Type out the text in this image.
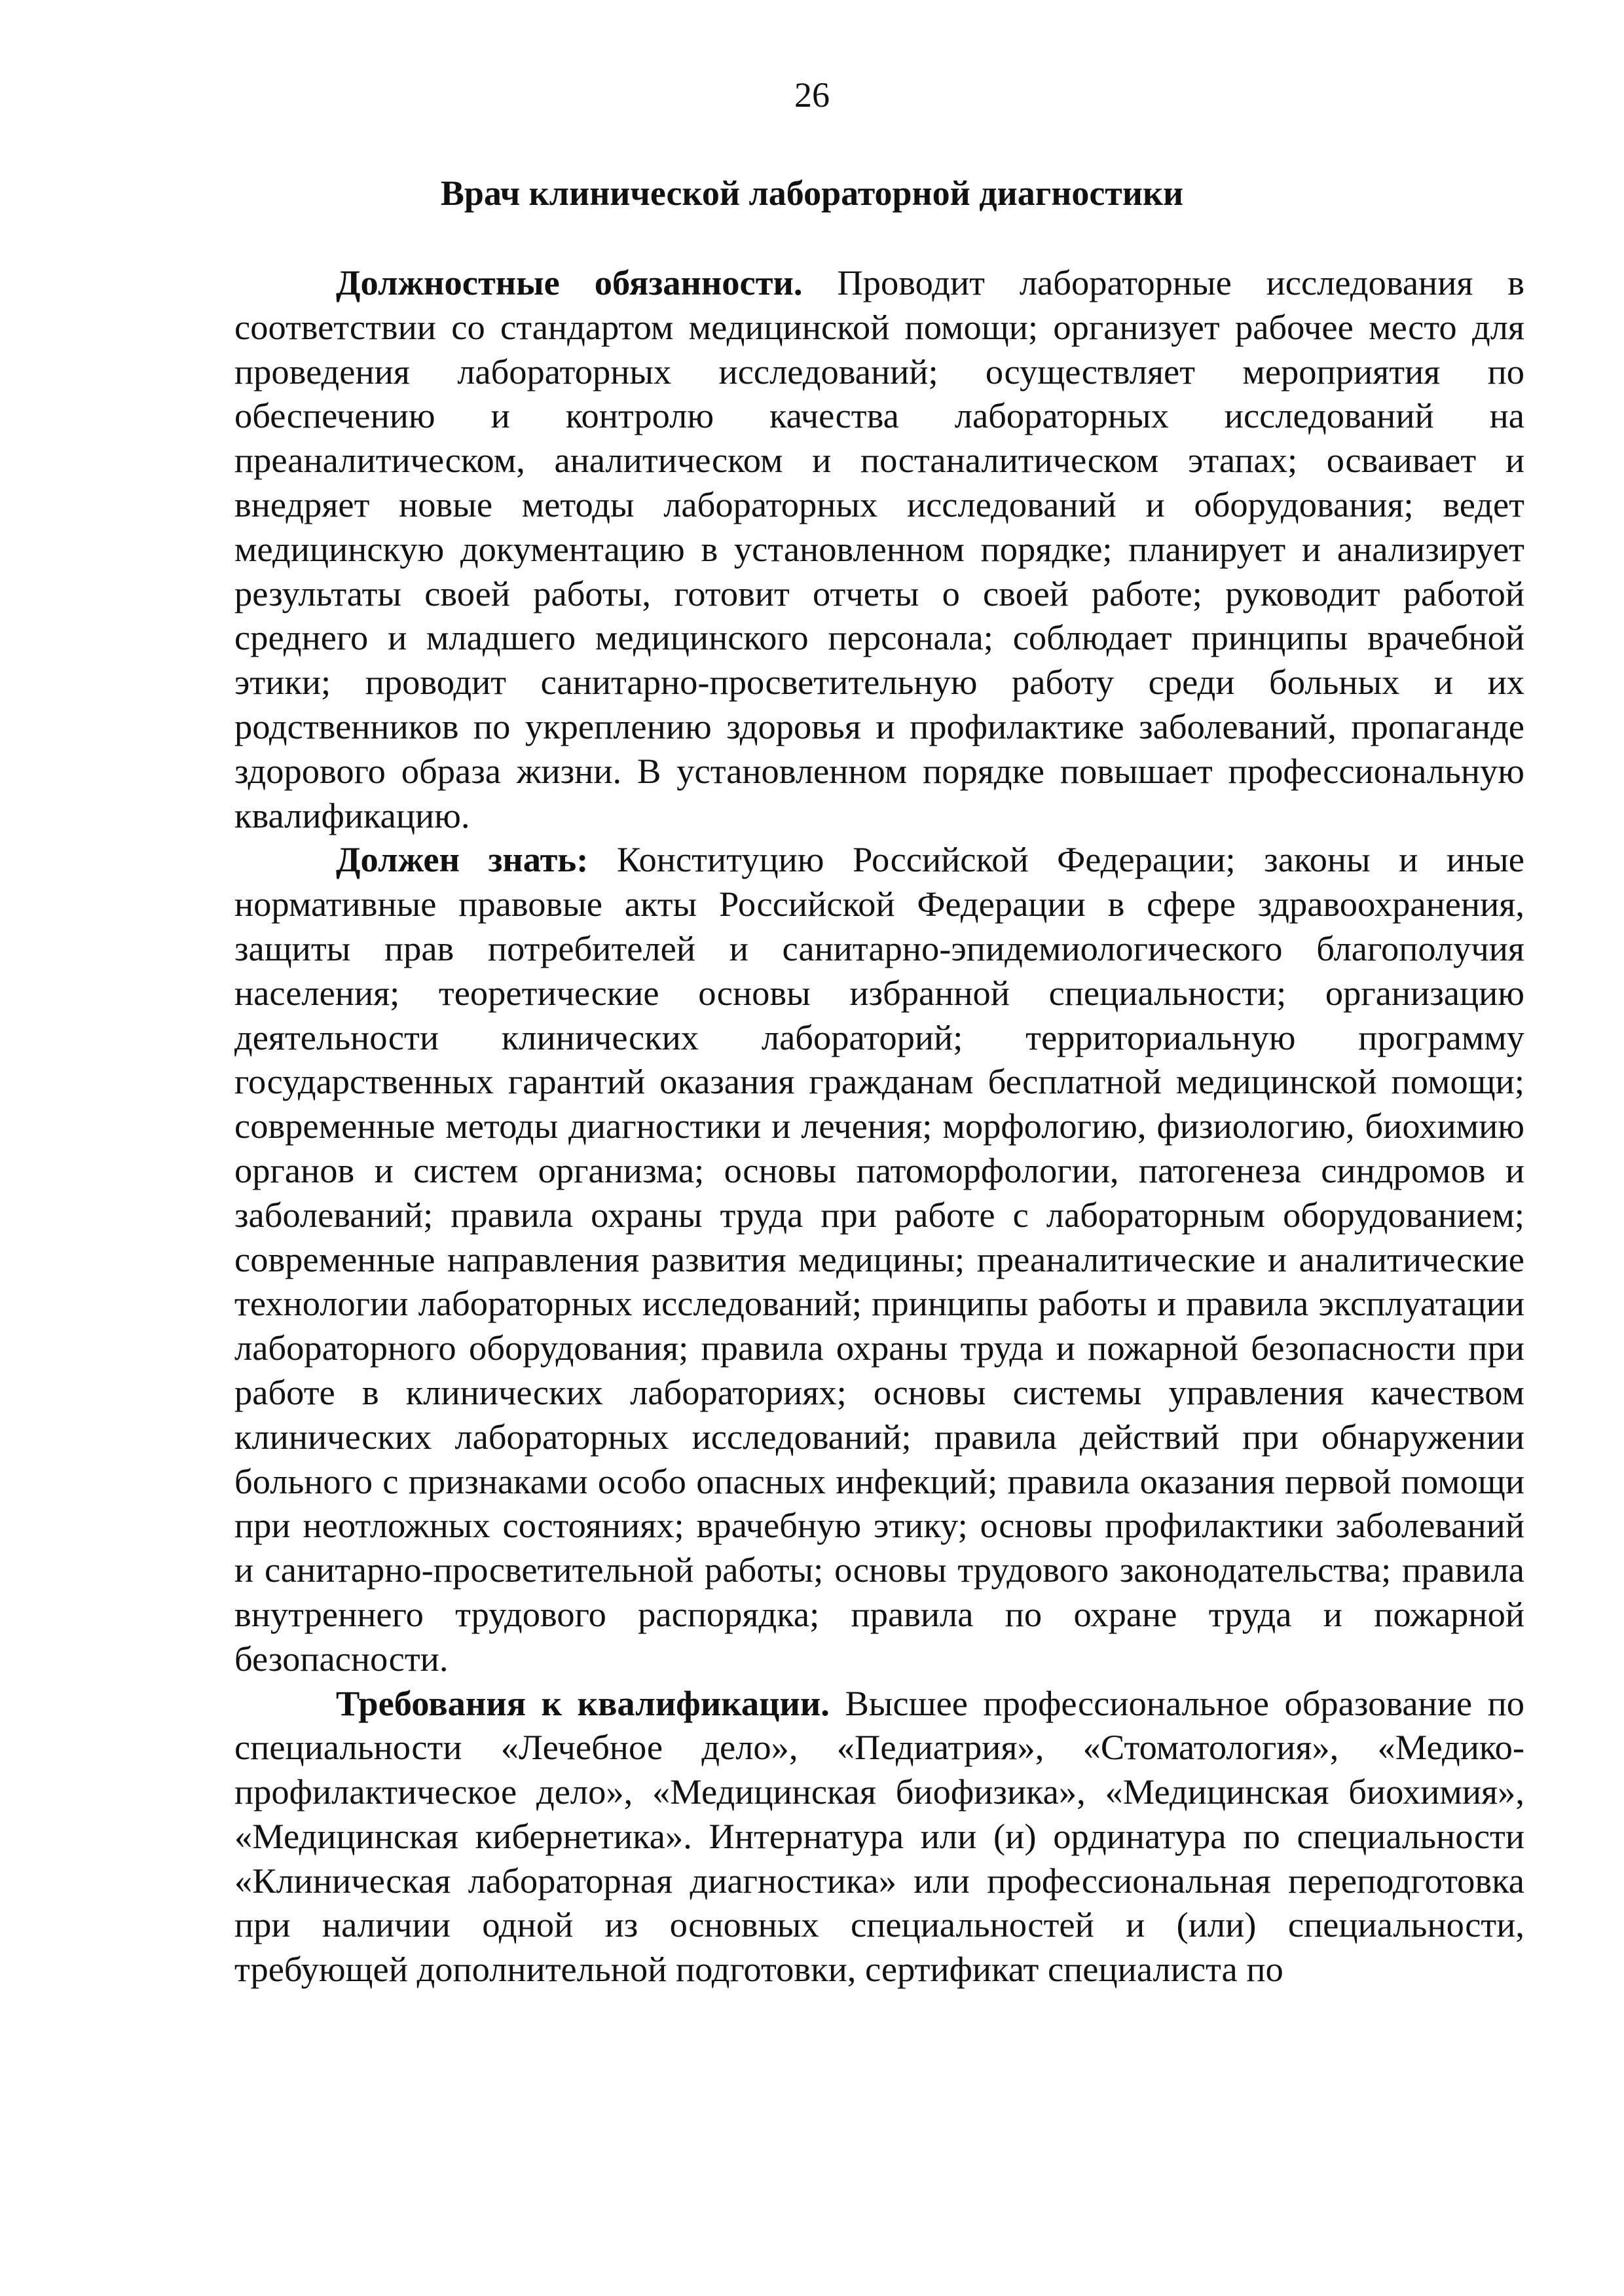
26
Врач клинической лабораторной диагностики

Должностные обязанности. Проводит лабораторные исследования в соответствии со стандартом медицинской помощи; организует рабочее место для проведения лабораторных исследований; осуществляет мероприятия по обеспечению и контролю качества лабораторных исследований на преаналитическом, аналитическом и постаналитическом этапах; осваивает и внедряет новые методы лабораторных исследований и оборудования; ведет медицинскую документацию в установленном порядке; планирует и анализирует результаты своей работы, готовит отчеты о своей работе; руководит работой среднего и младшего медицинского персонала; соблюдает принципы врачебной этики; проводит санитарно-просветительную работу среди больных и их родственников по укреплению здоровья и профилактике заболеваний, пропаганде здорового образа жизни. В установленном порядке повышает профессиональную квалификацию.

Должен знать: Конституцию Российской Федерации; законы и иные нормативные правовые акты Российской Федерации в сфере здравоохранения, защиты прав потребителей и санитарно-эпидемиологического благополучия населения; теоретические основы избранной специальности; организацию деятельности клинических лабораторий; территориальную программу государственных гарантий оказания гражданам бесплатной медицинской помощи; современные методы диагностики и лечения; морфологию, физиологию, биохимию органов и систем организма; основы патоморфологии, патогенеза синдромов и заболеваний; правила охраны труда при работе с лабораторным оборудованием; современные направления развития медицины; преаналитические и аналитические технологии лабораторных исследований; принципы работы и правила эксплуатации лабораторного оборудования; правила охраны труда и пожарной безопасности при работе в клинических лабораториях; основы системы управления качеством клинических лабораторных исследований; правила действий при обнаружении больного с признаками особо опасных инфекций; правила оказания первой помощи при неотложных состояниях; врачебную этику; основы профилактики заболеваний и санитарно-просветительной работы; основы трудового законодательства; правила внутреннего трудового распорядка; правила по охране труда и пожарной безопасности.

Требования к квалификации. Высшее профессиональное образование по специальности «Лечебное дело», «Педиатрия», «Стоматология», «Медико-профилактическое дело», «Медицинская биофизика», «Медицинская биохимия», «Медицинская кибернетика». Интернатура или (и) ординатура по специальности «Клиническая лабораторная диагностика» или профессиональная переподготовка при наличии одной из основных специальностей и (или) специальности, требующей дополнительной подготовки, сертификат специалиста по
